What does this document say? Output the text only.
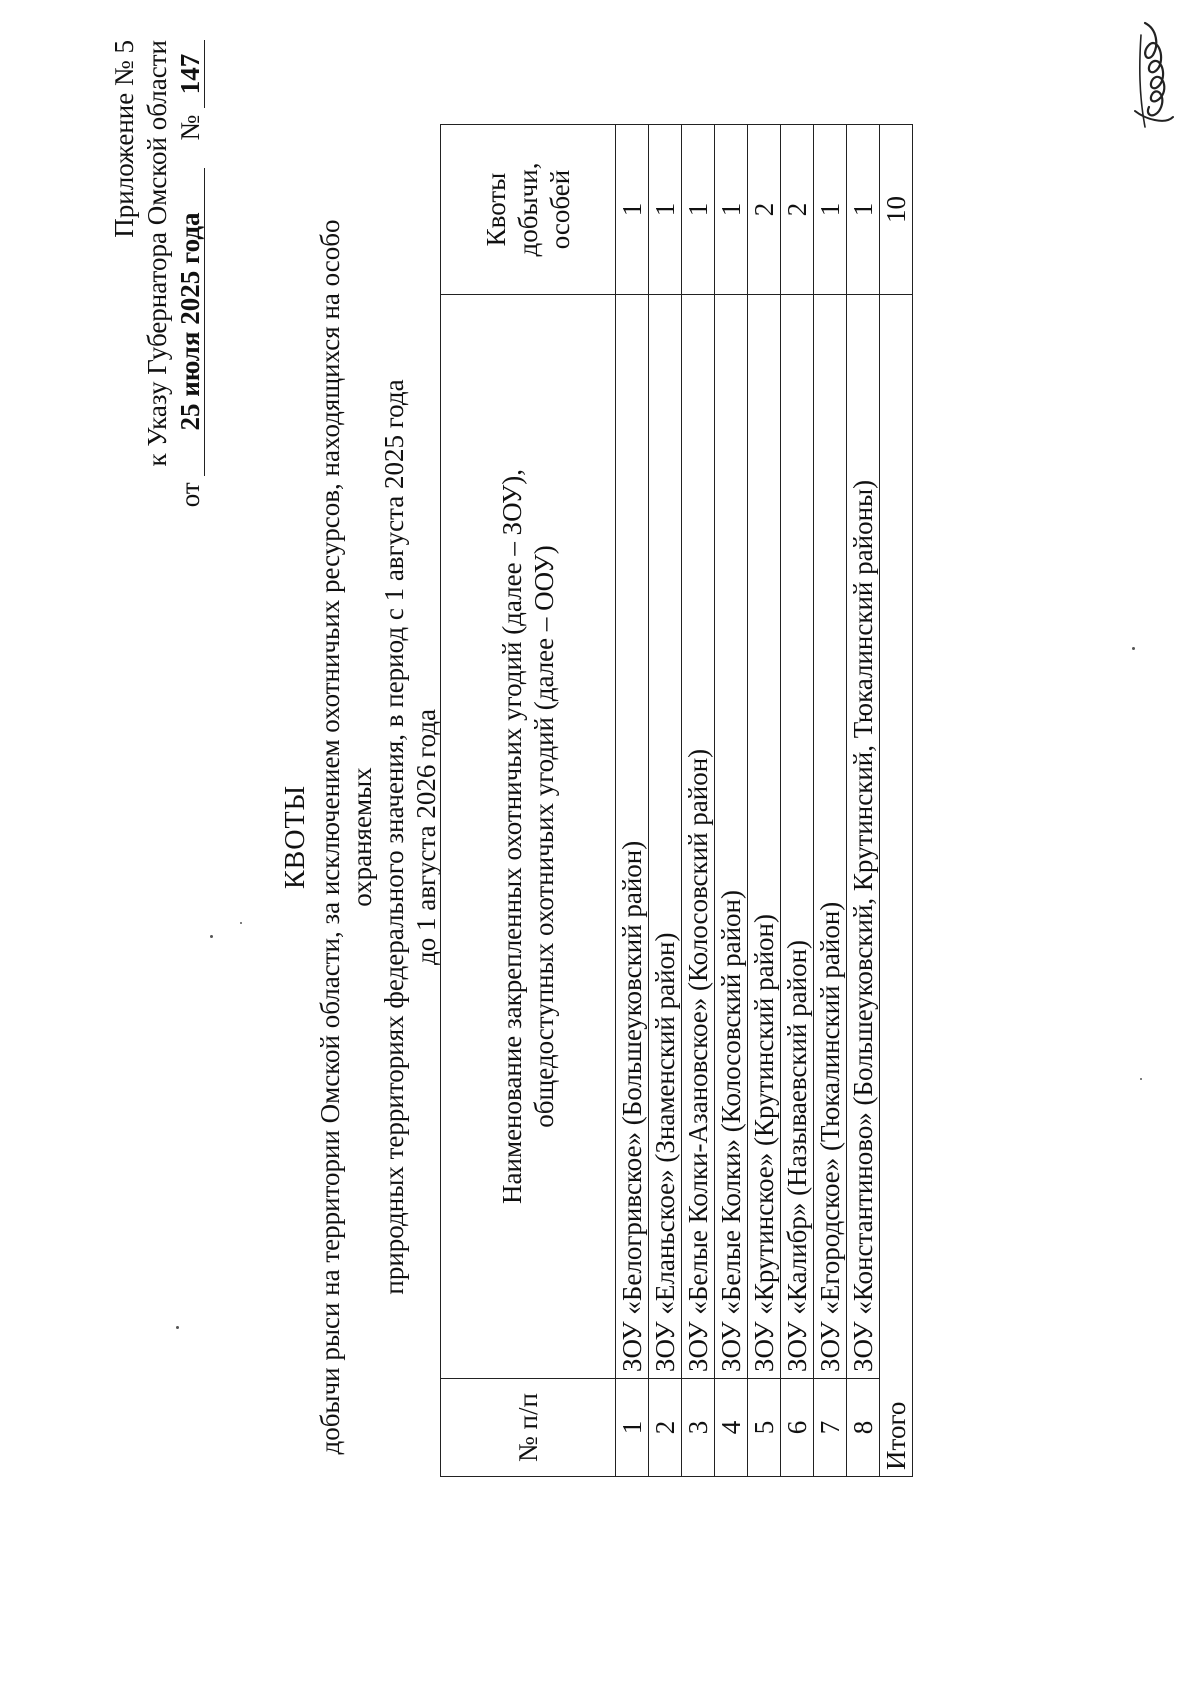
Приложение № 5 к Указу Губернатора Омской области
от 25 июля 2025 года    № 147
КВОТЫ добычи рыси на территории Омской области, за исключением охотничьих ресурсов, находящихся на особо охраняемых природных территориях федерального значения, в период с 1 августа 2025 года до 1 августа 2026 года
№ п/п	Наименование закрепленных охотничьих угодий (далее – ЗОУ), общедоступных охотничьих угодий (далее – ООУ)	Квоты добычи, особей
1	ЗОУ «Белогривское» (Большеуковский район)	1
2	ЗОУ «Еланьское» (Знаменский район)	1
3	ЗОУ «Белые Колки-Азановское» (Колосовский район)	1
4	ЗОУ «Белые Колки» (Колосовский район)	1
5	ЗОУ «Крутинское» (Крутинский район)	2
6	ЗОУ «Калибр» (Называевский район)	2
7	ЗОУ «Егородское» (Тюкалинский район)	1
8	ЗОУ «Константиново» (Большеуковский, Крутинский, Тюкалинский районы)	1
Итого		10
